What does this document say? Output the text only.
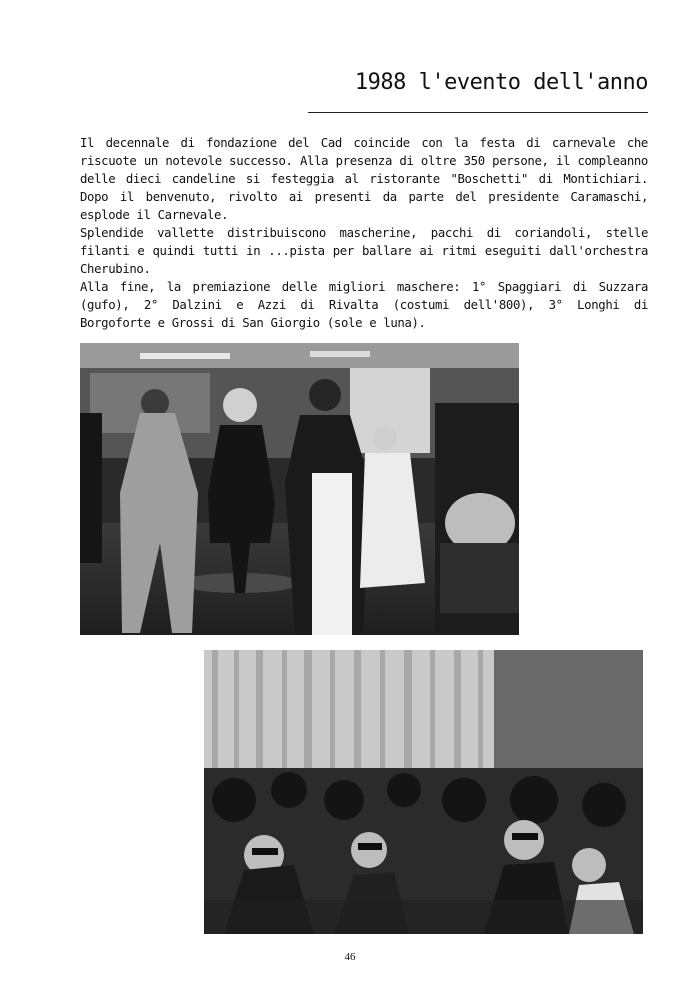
1988 l'evento dell'anno

Il decennale di fondazione del Cad coincide con la festa di carnevale che

riscuote un notevole successo. Alla presenza di oltre 350 persone, il compleanno

delle dieci candeline si festeggia al ristorante "Boschetti" di Montichiari.

Dopo il benvenuto, rivolto ai presenti da parte del presidente Caramaschi,

esplode il Carnevale.

Splendide vallette distribuiscono mascherine, pacchi di coriandoli, stelle

filanti e quindi tutti in ...pista per ballare ai ritmi eseguiti dall'orchestra

Cherubino.

Alla fine, la premiazione delle migliori maschere: 1° Spaggiari di Suzzara

(gufo), 2° Dalzini e Azzi di Rivalta (costumi dell'800), 3° Longhi di

Borgoforte e Grossi di San Giorgio (sole e luna).

46
